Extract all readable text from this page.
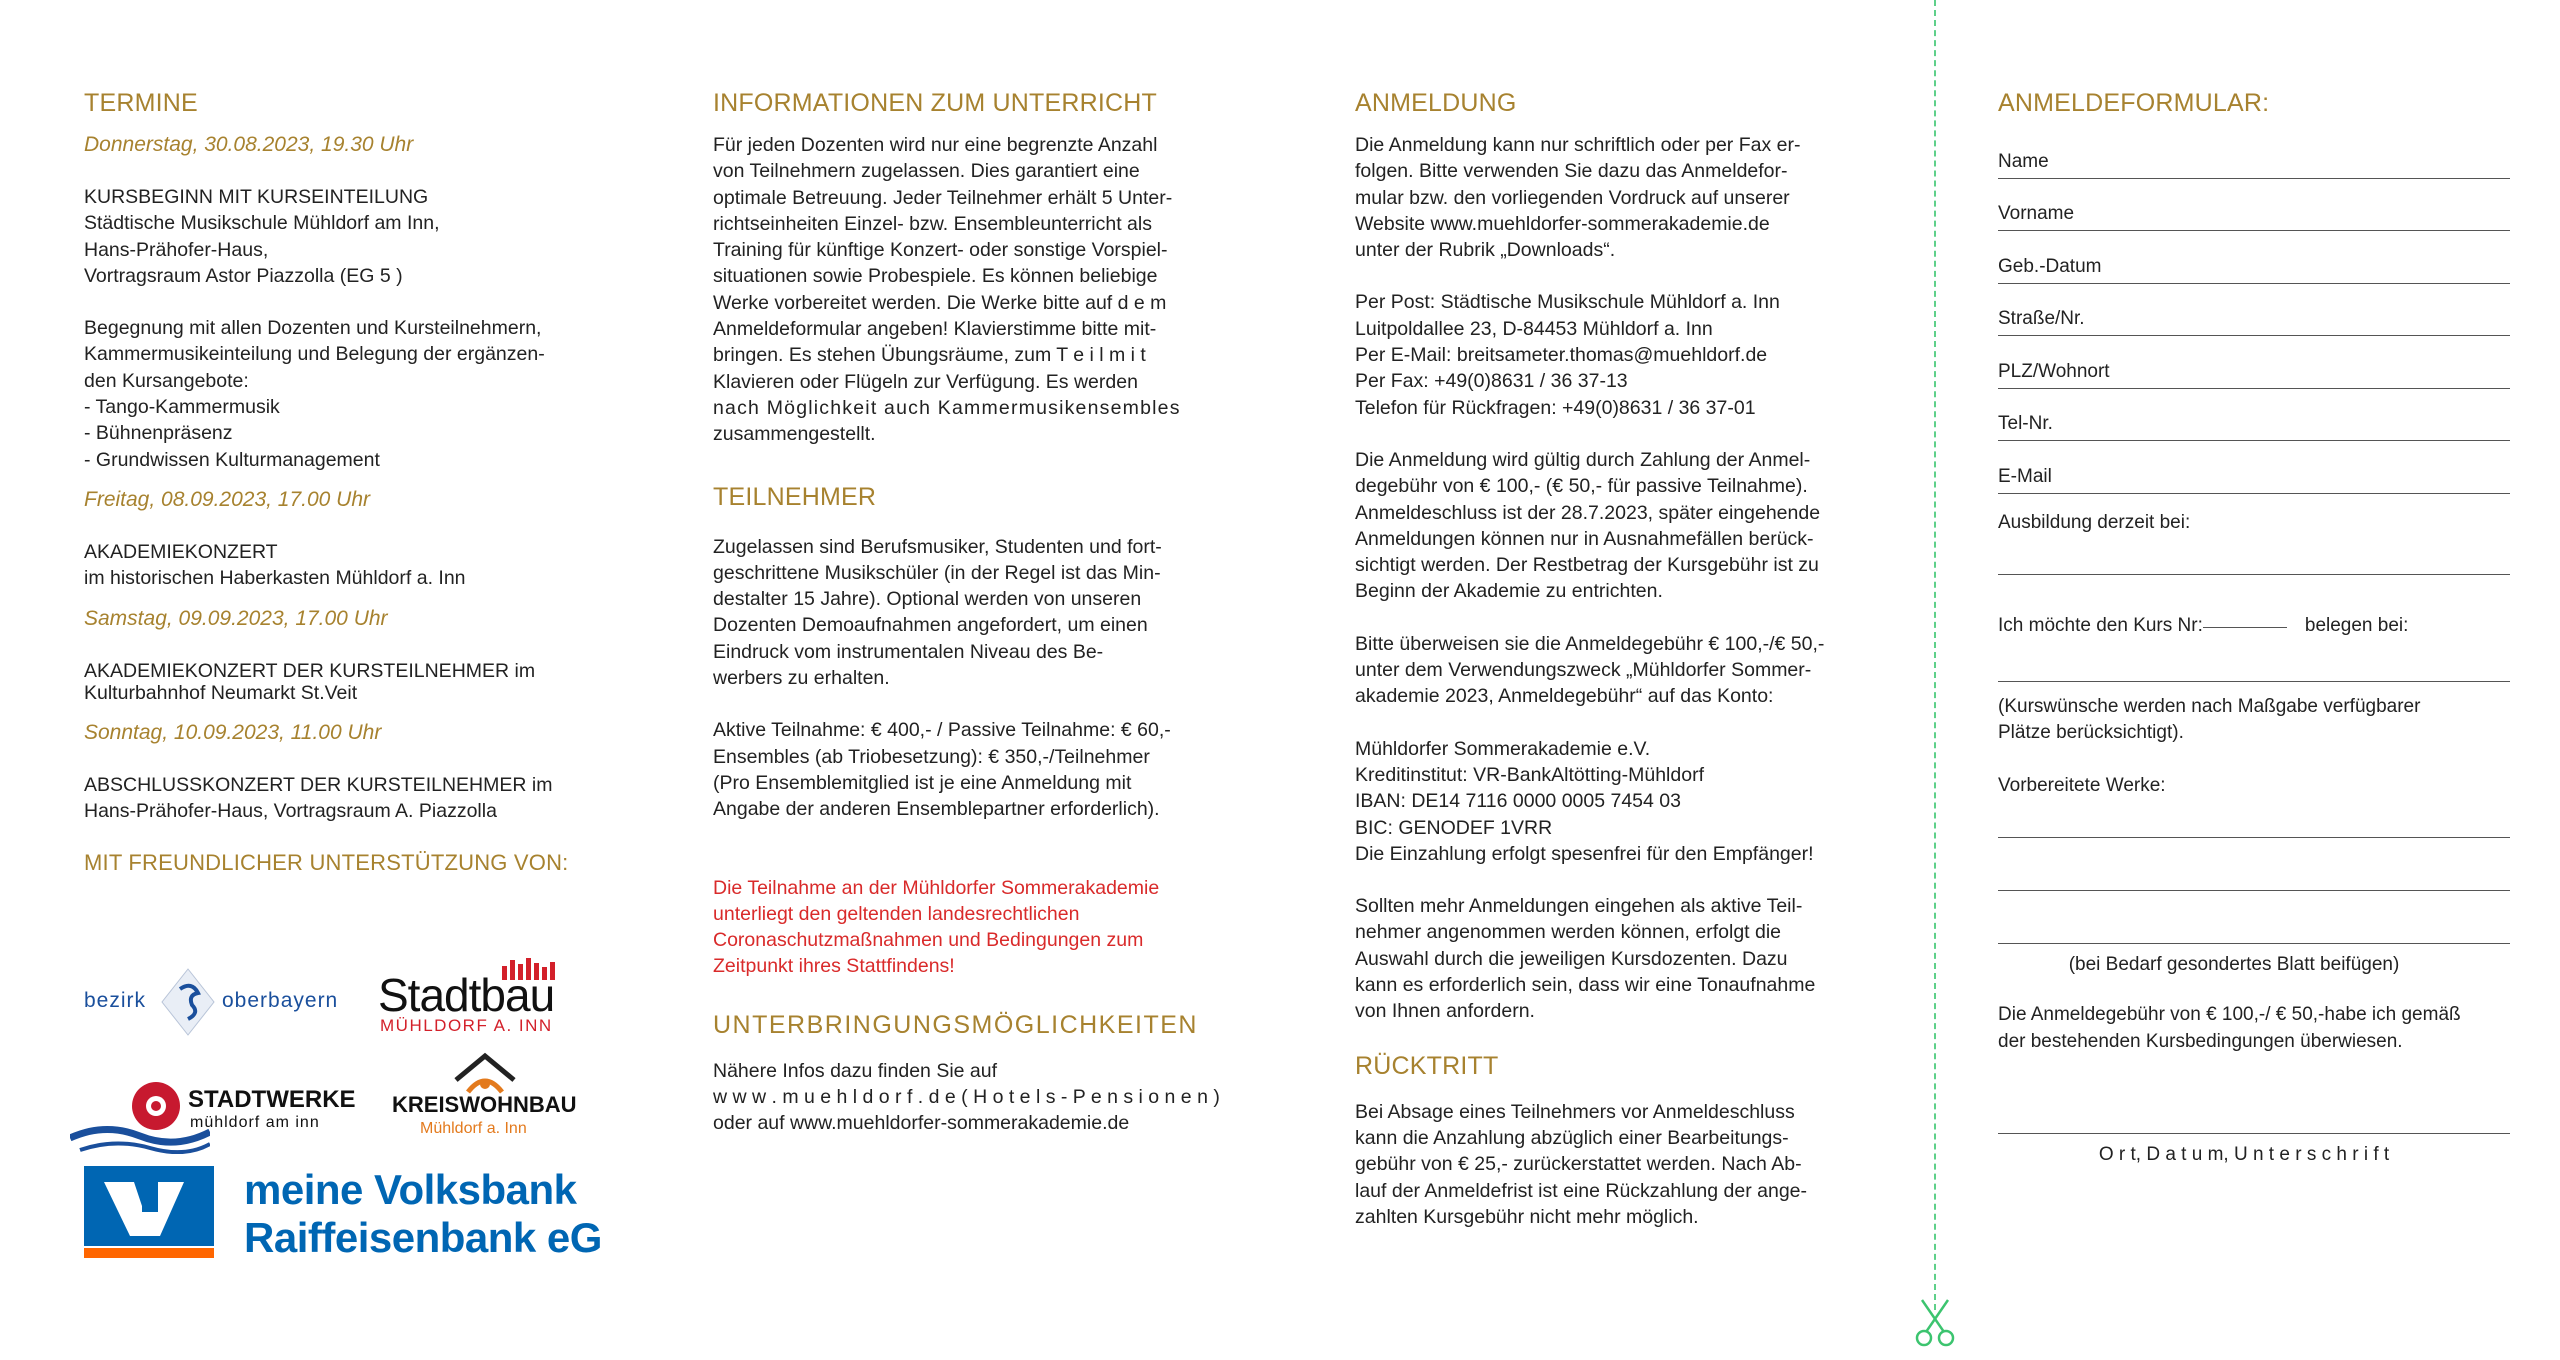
TERMINE
Donnerstag, 30.08.2023, 19.30 Uhr

KURSBEGINN MIT KURSEINTEILUNG

Städtische Musikschule Mühldorf am Inn,

Hans-Prähofer-Haus,

Vortragsraum Astor Piazzolla (EG 5 )

Begegnung mit allen Dozenten und Kursteilnehmern,

Kammermusikeinteilung und Belegung der ergänzen-

den Kursangebote:

- Tango-Kammermusik

- Bühnenpräsenz

- Grundwissen Kulturmanagement

Freitag, 08.09.2023, 17.00 Uhr

AKADEMIEKONZERT

im historischen Haberkasten Mühldorf a. Inn

Samstag, 09.09.2023, 17.00 Uhr

AKADEMIEKONZERT DER KURSTEILNEHMER im

Kulturbahnhof Neumarkt St.Veit

Sonntag, 10.09.2023, 11.00 Uhr

ABSCHLUSSKONZERT DER KURSTEILNEHMER im

Hans-Prähofer-Haus, Vortragsraum A. Piazzolla

MIT FREUNDLICHER UNTERSTÜTZUNG VON:
bezirk	oberbayern Stadtbau
MÜHLDORF A. INN
STADTWERKE
mühldorf am inn
KREISWOHNBAU
Mühldorf a. Inn
meine Volksbank
Raiffeisenbank eG
INFORMATIONEN ZUM UNTERRICHT

Für jeden Dozenten wird nur eine begrenzte Anzahl

von Teilnehmern zugelassen. Dies garantiert eine

optimale Betreuung. Jeder Teilnehmer erhält 5 Unter-

richtseinheiten Einzel- bzw. Ensembleunterricht als

Training für künftige Konzert- oder sonstige Vorspiel-

situationen sowie Probespiele. Es können beliebige

Werke vorbereitet werden. Die Werke bitte auf d e m

Anmeldeformular angeben! Klavierstimme bitte mit-

bringen. Es stehen Übungsräume, zum T e i l m i t

Klavieren oder Flügeln zur Verfügung. Es werden

nach Möglichkeit auch Kammermusikensembles

zusammengestellt.

TEILNEHMER

Zugelassen sind Berufsmusiker, Studenten und fort-

geschrittene Musikschüler (in der Regel ist das Min-

destalter 15 Jahre). Optional werden von unseren

Dozenten Demoaufnahmen angefordert, um einen

Eindruck vom instrumentalen Niveau des Be-

werbers zu erhalten.

Aktive Teilnahme: € 400,- / Passive Teilnahme: € 60,-

Ensembles (ab Triobesetzung): € 350,-/Teilnehmer

(Pro Ensemblemitglied ist je eine Anmeldung mit

Angabe der anderen Ensemblepartner erforderlich).

Die Teilnahme an der Mühldorfer Sommerakademie

unterliegt den geltenden landesrechtlichen

Coronaschutzmaßnahmen und Bedingungen zum

Zeitpunkt ihres Stattfindens!

UNTERBRINGUNGSMÖGLICHKEITEN

Nähere Infos dazu finden Sie auf

w w w . m u e h l d o r f . d e ( H o t e l s - P e n s i o n e n )

oder auf www.muehldorfer-sommerakademie.de

ANMELDUNG

Die Anmeldung kann nur schriftlich oder per Fax er-

folgen. Bitte verwenden Sie dazu das Anmeldefor-

mular bzw. den vorliegenden Vordruck auf unserer

Website www.muehldorfer-sommerakademie.de

unter der Rubrik „Downloads“.

Per Post: Städtische Musikschule Mühldorf a. Inn

Luitpoldallee 23, D-84453 Mühldorf a. Inn

Per E-Mail: breitsameter.thomas@muehldorf.de

Per Fax: +49(0)8631 / 36 37-13

Telefon für Rückfragen: +49(0)8631 / 36 37-01

Die Anmeldung wird gültig durch Zahlung der Anmel-

degebühr von € 100,- (€ 50,- für passive Teilnahme).

Anmeldeschluss ist der 28.7.2023, später eingehende

Anmeldungen können nur in Ausnahmefällen berück-

sichtigt werden. Der Restbetrag der Kursgebühr ist zu

Beginn der Akademie zu entrichten.

Bitte überweisen sie die Anmeldegebühr € 100,-/€ 50,-

unter dem Verwendungszweck „Mühldorfer Sommer-

akademie 2023, Anmeldegebühr“ auf das Konto:

Mühldorfer Sommerakademie e.V.

Kreditinstitut: VR-BankAltötting-Mühldorf

IBAN: DE14 7116 0000 0005 7454 03

BIC: GENODEF 1VRR

Die Einzahlung erfolgt spesenfrei für den Empfänger!

Sollten mehr Anmeldungen eingehen als aktive Teil-

nehmer angenommen werden können, erfolgt die

Auswahl durch die jeweiligen Kursdozenten. Dazu

kann es erforderlich sein, dass wir eine Tonaufnahme

von Ihnen anfordern.

RÜCKTRITT

Bei Absage eines Teilnehmers vor Anmeldeschluss

kann die Anzahlung abzüglich einer Bearbeitungs-

gebühr von € 25,- zurückerstattet werden. Nach Ab-

lauf der Anmeldefrist ist eine Rückzahlung der ange-

zahlten Kursgebühr nicht mehr möglich.

ANMELDEFORMULAR:
Name
Vorname
Geb.-Datum
Straße/Nr.
PLZ/Wohnort
Tel-Nr.
E-Mail

Ausbildung derzeit bei:

Ich möchte den Kurs Nr:	belegen bei:

(Kurswünsche werden nach Maßgabe verfügbarer

Plätze berücksichtigt).

Vorbereitete Werke:

(bei Bedarf gesondertes Blatt beifügen)

Die Anmeldegebühr von € 100,-/ € 50,-habe ich gemäß

der bestehenden Kursbedingungen überwiesen.

O r t, D a t u m, U n t e r s c h r i f t
